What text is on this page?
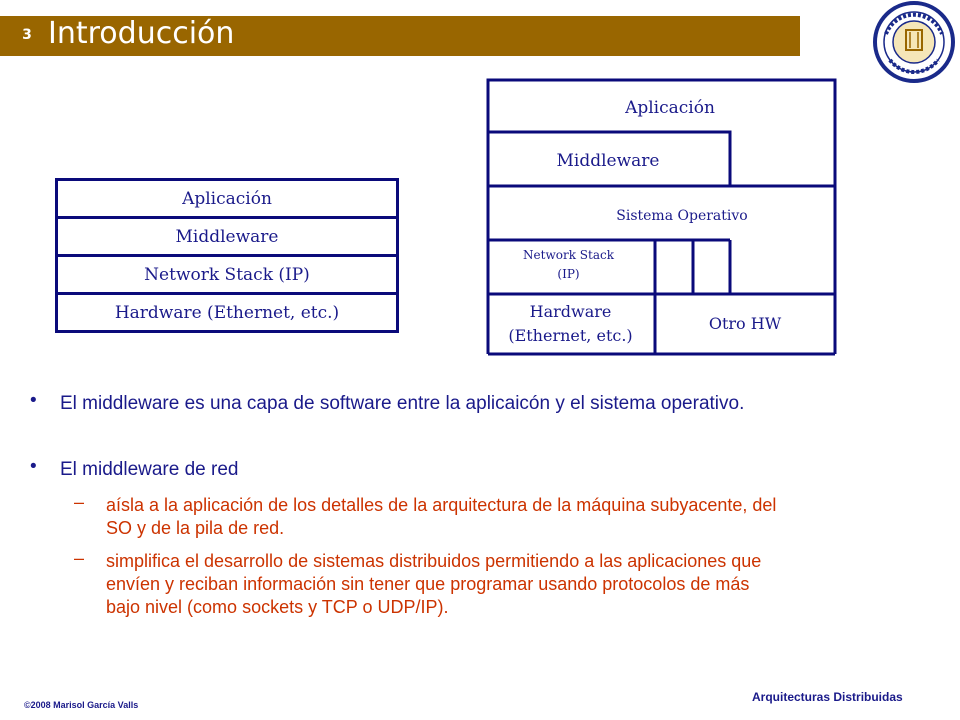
3 Introducción
Aplicación
Middleware
Network Stack (IP)
Hardware (Ethernet, etc.)
Aplicación
Middleware
Sistema Operativo
Network Stack
(IP)
Hardware
(Ethernet, etc.)
Otro HW
• El middleware es una capa de software entre la aplicaicón y el sistema operativo.
• El middleware de red
– aísla a la aplicación de los detalles de la arquitectura de la máquina subyacente, del
SO y de la pila de red.
– simplifica el desarrollo de sistemas distribuidos permitiendo a las aplicaciones que
envíen y reciban información sin tener que programar usando protocolos de más
bajo nivel (como sockets y TCP o UDP/IP).
©2008 Marisol García Valls
Arquitecturas Distribuidas
